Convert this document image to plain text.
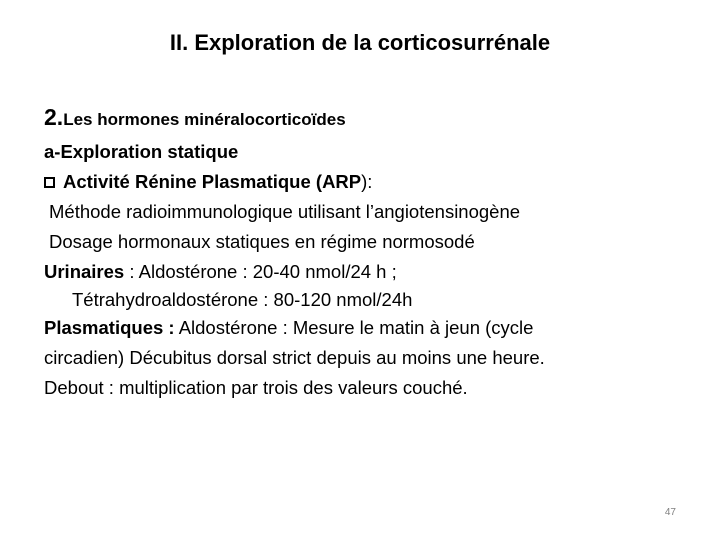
II. Exploration de la corticosurrénale
2.Les hormones minéralocorticoïdes
a-Exploration statique
Activité Rénine Plasmatique (ARP):
Méthode radioimmunologique utilisant l’angiotensinogène
Dosage hormonaux statiques en régime normosodé
Urinaires : Aldostérone : 20-40 nmol/24 h ;
Tétrahydroaldostérone : 80-120 nmol/24h
Plasmatiques : Aldostérone : Mesure le matin à jeun (cycle
circadien) Décubitus dorsal strict depuis au moins une heure.
Debout : multiplication par trois des valeurs couché.
47
